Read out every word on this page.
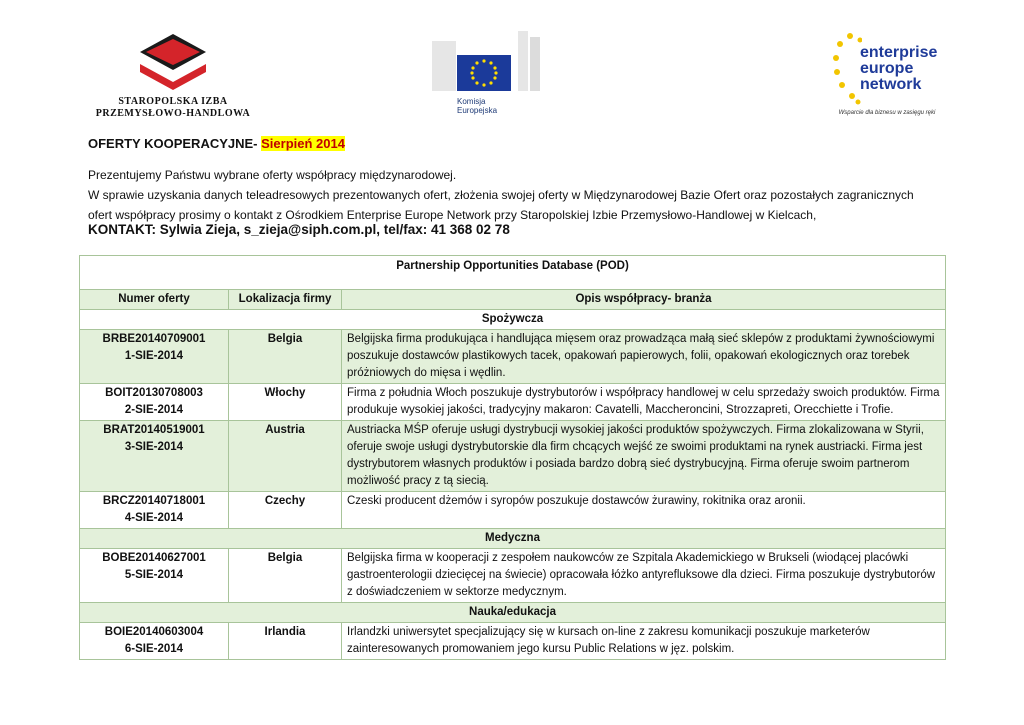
STAROPOLSKA IZBA
PRZEMYSŁOWO-HANDLOWA
Komisja
Europejska
enterprise
europe
network
Wsparcie dla biznesu w zasięgu ręki
OFERTY KOOPERACYJNE- Sierpień 2014
Prezentujemy Państwu wybrane oferty współpracy międzynarodowej.
W sprawie uzyskania danych teleadresowych prezentowanych ofert, złożenia swojej oferty w Międzynarodowej Bazie Ofert oraz pozostałych zagranicznych ofert współpracy prosimy o kontakt z Ośrodkiem Enterprise Europe Network przy Staropolskiej Izbie Przemysłowo-Handlowej w Kielcach,
KONTAKT: Sylwia Zieja, s_zieja@siph.com.pl, tel/fax: 41 368 02 78
Partnership Opportunities Database (POD)		
Numer oferty	Lokalizacja firmy	Opis współpracy- branża
Spożywcza		

BRBE20140709001
1-SIE-2014	Belgia	Belgijska firma produkująca i handlująca mięsem oraz prowadząca małą sieć sklepów z produktami żywnościowymi poszukuje dostawców plastikowych tacek, opakowań papierowych, folii, opakowań ekologicznych oraz torebek próżniowych do mięsa i wędlin.

BOIT20130708003
2-SIE-2014	Włochy	Firma z południa Włoch poszukuje dystrybutorów i współpracy handlowej w celu sprzedaży swoich produktów. Firma produkuje wysokiej jakości, tradycyjny makaron: Cavatelli, Maccheroncini, Strozzapreti, Orecchiette i Trofie.

BRAT20140519001
3-SIE-2014	Austria	Austriacka MŚP oferuje usługi dystrybucji wysokiej jakości produktów spożywczych. Firma zlokalizowana w Styrii, oferuje swoje usługi dystrybutorskie dla firm chcących wejść ze swoimi produktami na rynek austriacki. Firma jest dystrybutorem własnych produktów i posiada bardzo dobrą sieć dystrybucyjną. Firma oferuje swoim partnerom możliwość pracy z tą siecią.

BRCZ20140718001
4-SIE-2014	Czechy	Czeski producent dżemów i syropów poszukuje dostawców żurawiny, rokitnika oraz aronii.
Medyczna		

BOBE20140627001
5-SIE-2014	Belgia	Belgijska firma w kooperacji z zespołem naukowców ze Szpitala Akademickiego w Brukseli (wiodącej placówki gastroenterologii dziecięcej na świecie) opracowała łóżko antyrefluksowe dla dzieci. Firma poszukuje dystrybutorów z doświadczeniem w sektorze medycznym.
Nauka/edukacja		

BOIE20140603004
6-SIE-2014	Irlandia	Irlandzki uniwersytet specjalizujący się w kursach on-line z zakresu komunikacji poszukuje marketerów zainteresowanych promowaniem jego kursu Public Relations w jęz. polskim.
